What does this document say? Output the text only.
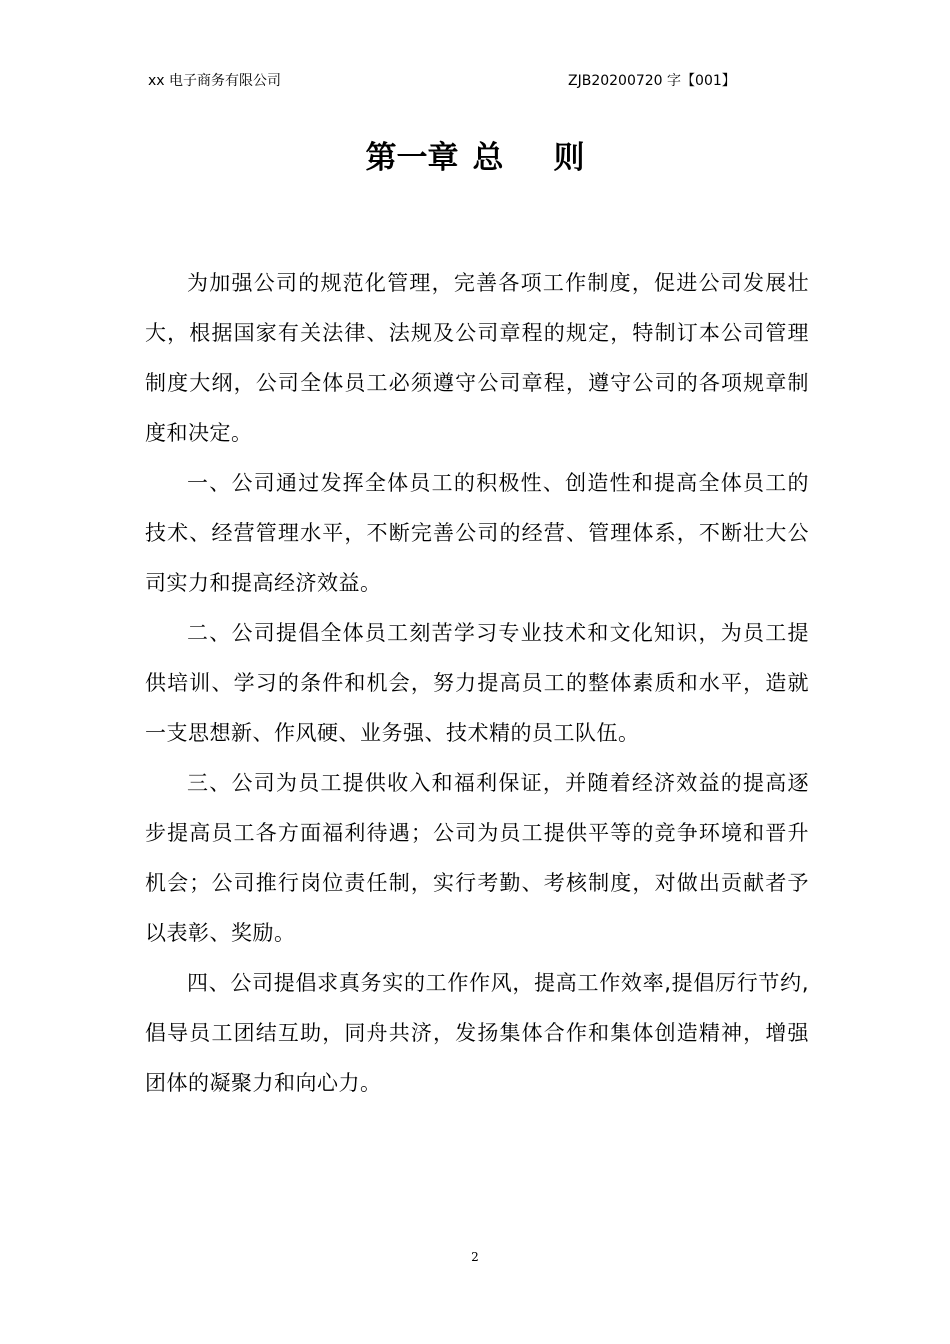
xx 电子商务有限公司	ZJB20200720 字【001】
第一章 总 则

为加强公司的规范化管理，完善各项工作制度，促进公司发展壮大，根据国家有关法律、法规及公司章程的规定，特制订本公司管理制度大纲，公司全体员工必须遵守公司章程，遵守公司的各项规章制度和决定。

一、公司通过发挥全体员工的积极性、创造性和提高全体员工的技术、经营管理水平，不断完善公司的经营、管理体系，不断壮大公司实力和提高经济效益。

二、公司提倡全体员工刻苦学习专业技术和文化知识，为员工提供培训、学习的条件和机会，努力提高员工的整体素质和水平，造就一支思想新、作风硬、业务强、技术精的员工队伍。

三、公司为员工提供收入和福利保证，并随着经济效益的提高逐步提高员工各方面福利待遇；公司为员工提供平等的竞争环境和晋升机会；公司推行岗位责任制，实行考勤、考核制度，对做出贡献者予以表彰、奖励。

四、公司提倡求真务实的工作作风，提高工作效率,提倡厉行节约,倡导员工团结互助，同舟共济，发扬集体合作和集体创造精神，增强团体的凝聚力和向心力。

2
